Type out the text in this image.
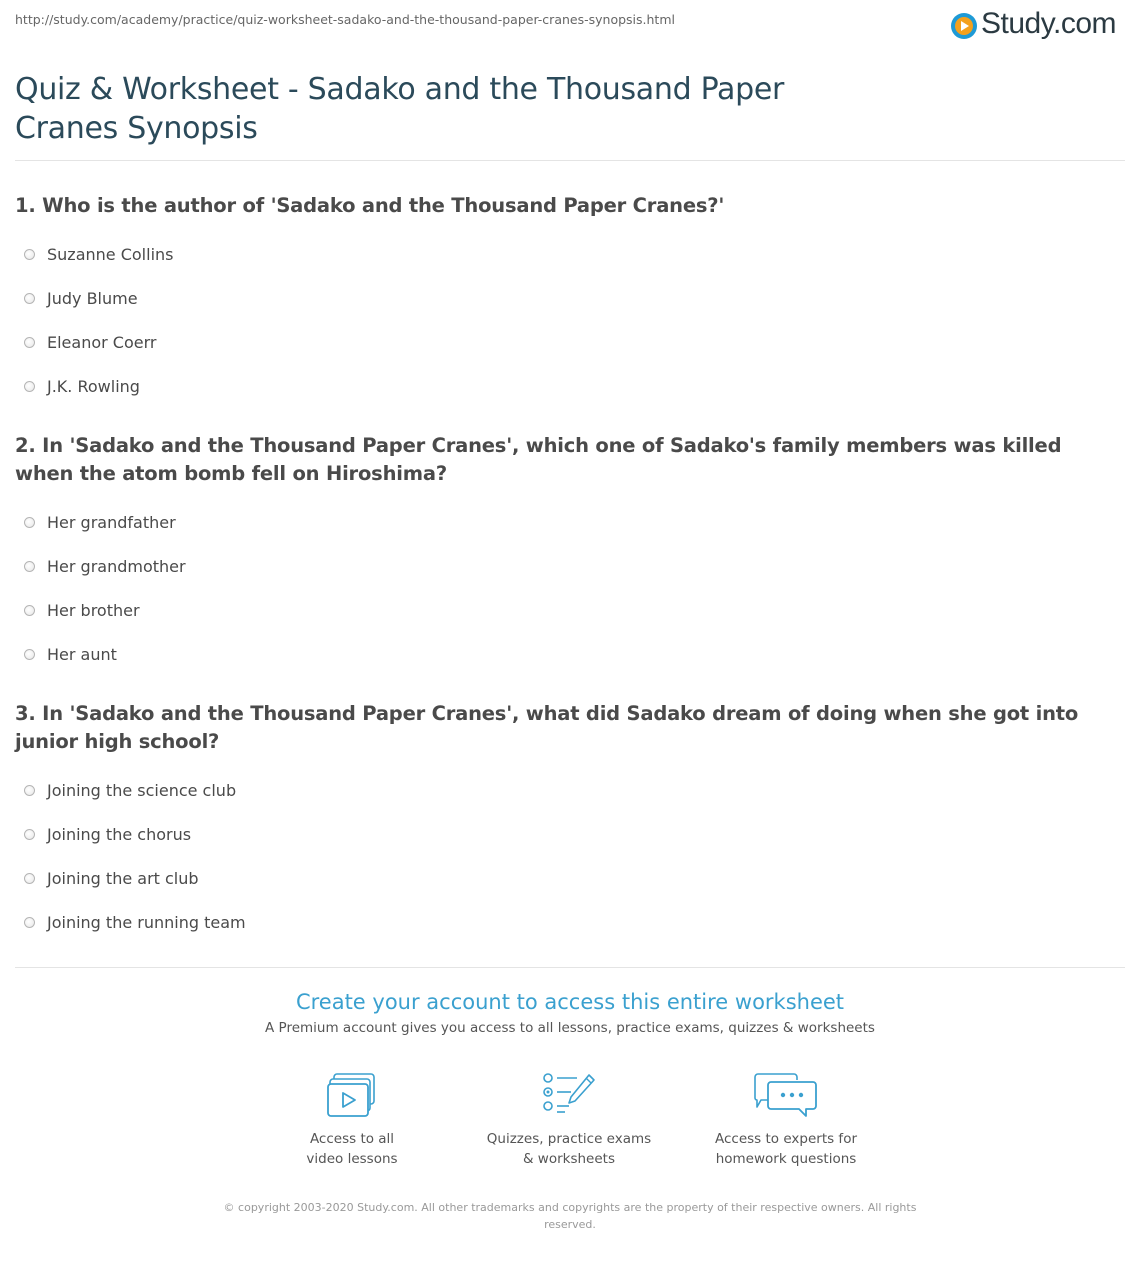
http://study.com/academy/practice/quiz-worksheet-sadako-and-the-thousand-paper-cranes-synopsis.html	Study.com
Quiz & Worksheet - Sadako and the Thousand Paper Cranes Synopsis
1. Who is the author of 'Sadako and the Thousand Paper Cranes?'
Suzanne Collins
Judy Blume
Eleanor Coerr
J.K. Rowling
2. In 'Sadako and the Thousand Paper Cranes', which one of Sadako's family members was killed when the atom bomb fell on Hiroshima?
Her grandfather
Her grandmother
Her brother
Her aunt
3. In 'Sadako and the Thousand Paper Cranes', what did Sadako dream of doing when she got into junior high school?
Joining the science club
Joining the chorus
Joining the art club
Joining the running team
Create your account to access this entire worksheet
A Premium account gives you access to all lessons, practice exams, quizzes & worksheets
Access to all
video lessons
Quizzes, practice exams
& worksheets
Access to experts for
homework questions
© copyright 2003-2020 Study.com. All other trademarks and copyrights are the property of their respective owners. All rights reserved.
